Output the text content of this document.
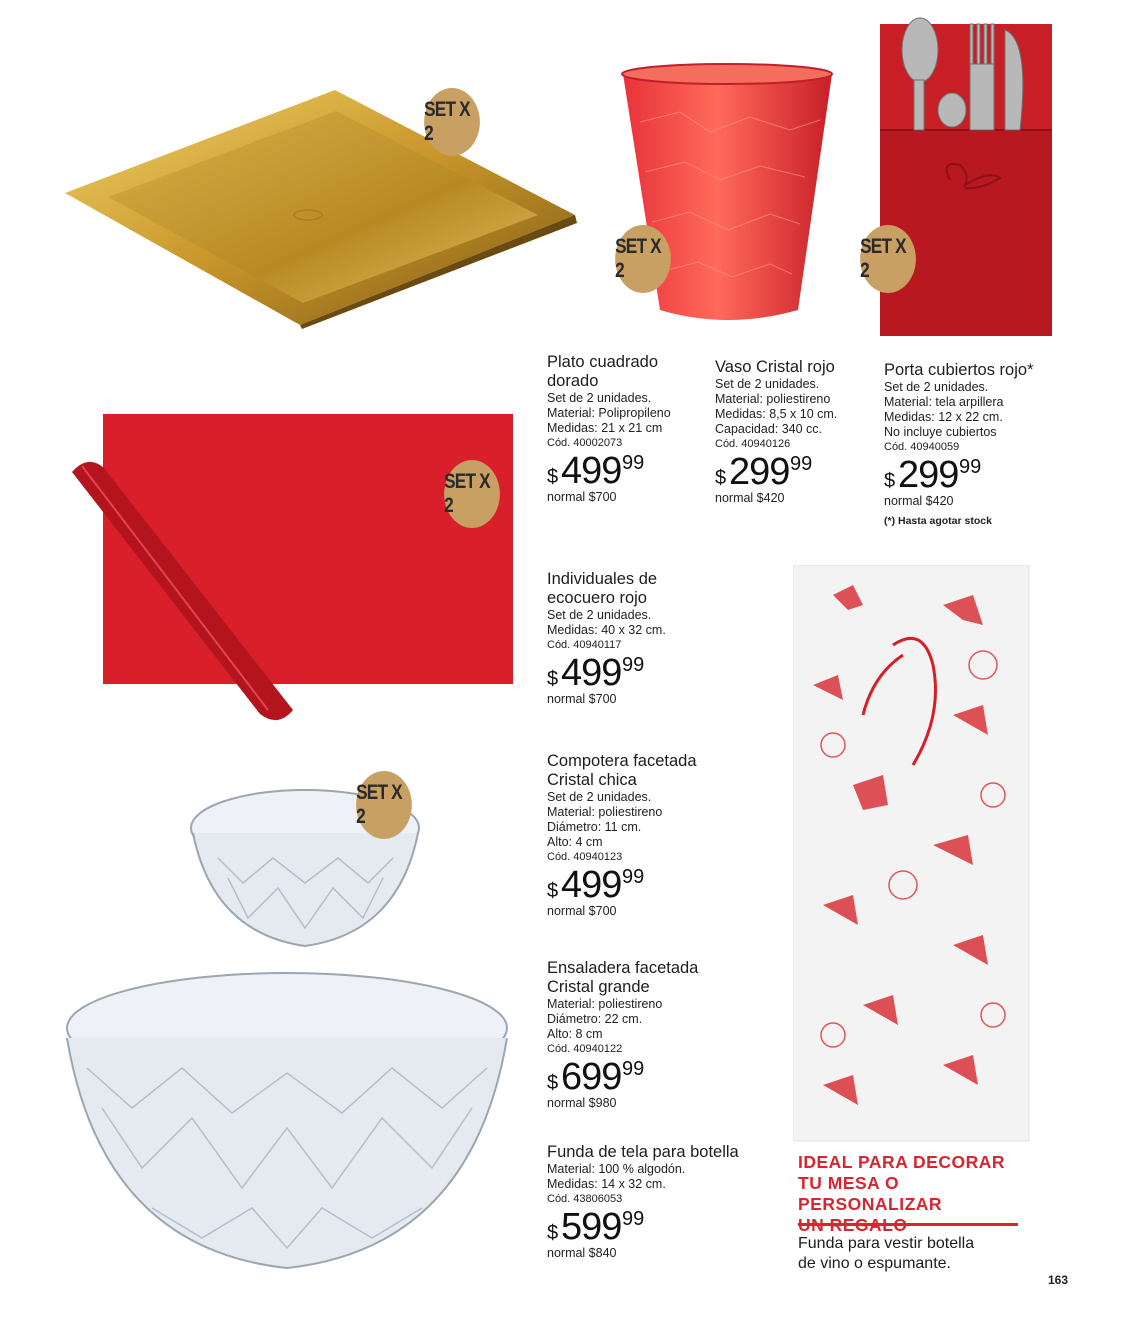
SET X 2
SET X 2
SET X 2
SET X 2
SET X 2
Plato cuadrado dorado
Set de 2 unidades.
Material: Polipropileno
Medidas: 21 x 21 cm
Cód. 40002073
$ 499 99
normal $700
Vaso Cristal rojo
Set de 2 unidades.
Material: poliestireno
Medidas: 8,5 x 10 cm.
Capacidad: 340 cc.
Cód. 40940126
$ 299 99
normal $420
Porta cubiertos rojo*
Set de 2 unidades.
Material: tela arpillera
Medidas: 12 x 22 cm.
No incluye cubiertos
Cód. 40940059
$ 299 99
normal $420
(*) Hasta agotar stock
Individuales de ecocuero rojo
Set de 2 unidades.
Medidas: 40 x 32 cm.
Cód. 40940117
$ 499 99
normal $700
Compotera facetada Cristal chica
Set de 2 unidades.
Material: poliestireno
Diámetro: 11 cm.
Alto: 4 cm
Cód. 40940123
$ 499 99
normal $700
Ensaladera facetada Cristal grande
Material: poliestireno
Diámetro: 22 cm.
Alto: 8 cm
Cód. 40940122
$ 699 99
normal $980
Funda de tela para botella
Material: 100 % algodón.
Medidas: 14 x 32 cm.
Cód. 43806053
$ 599 99
normal $840
IDEAL PARA DECORAR
TU MESA O PERSONALIZAR
Funda para vestir botella
de vino o espumante.
163
